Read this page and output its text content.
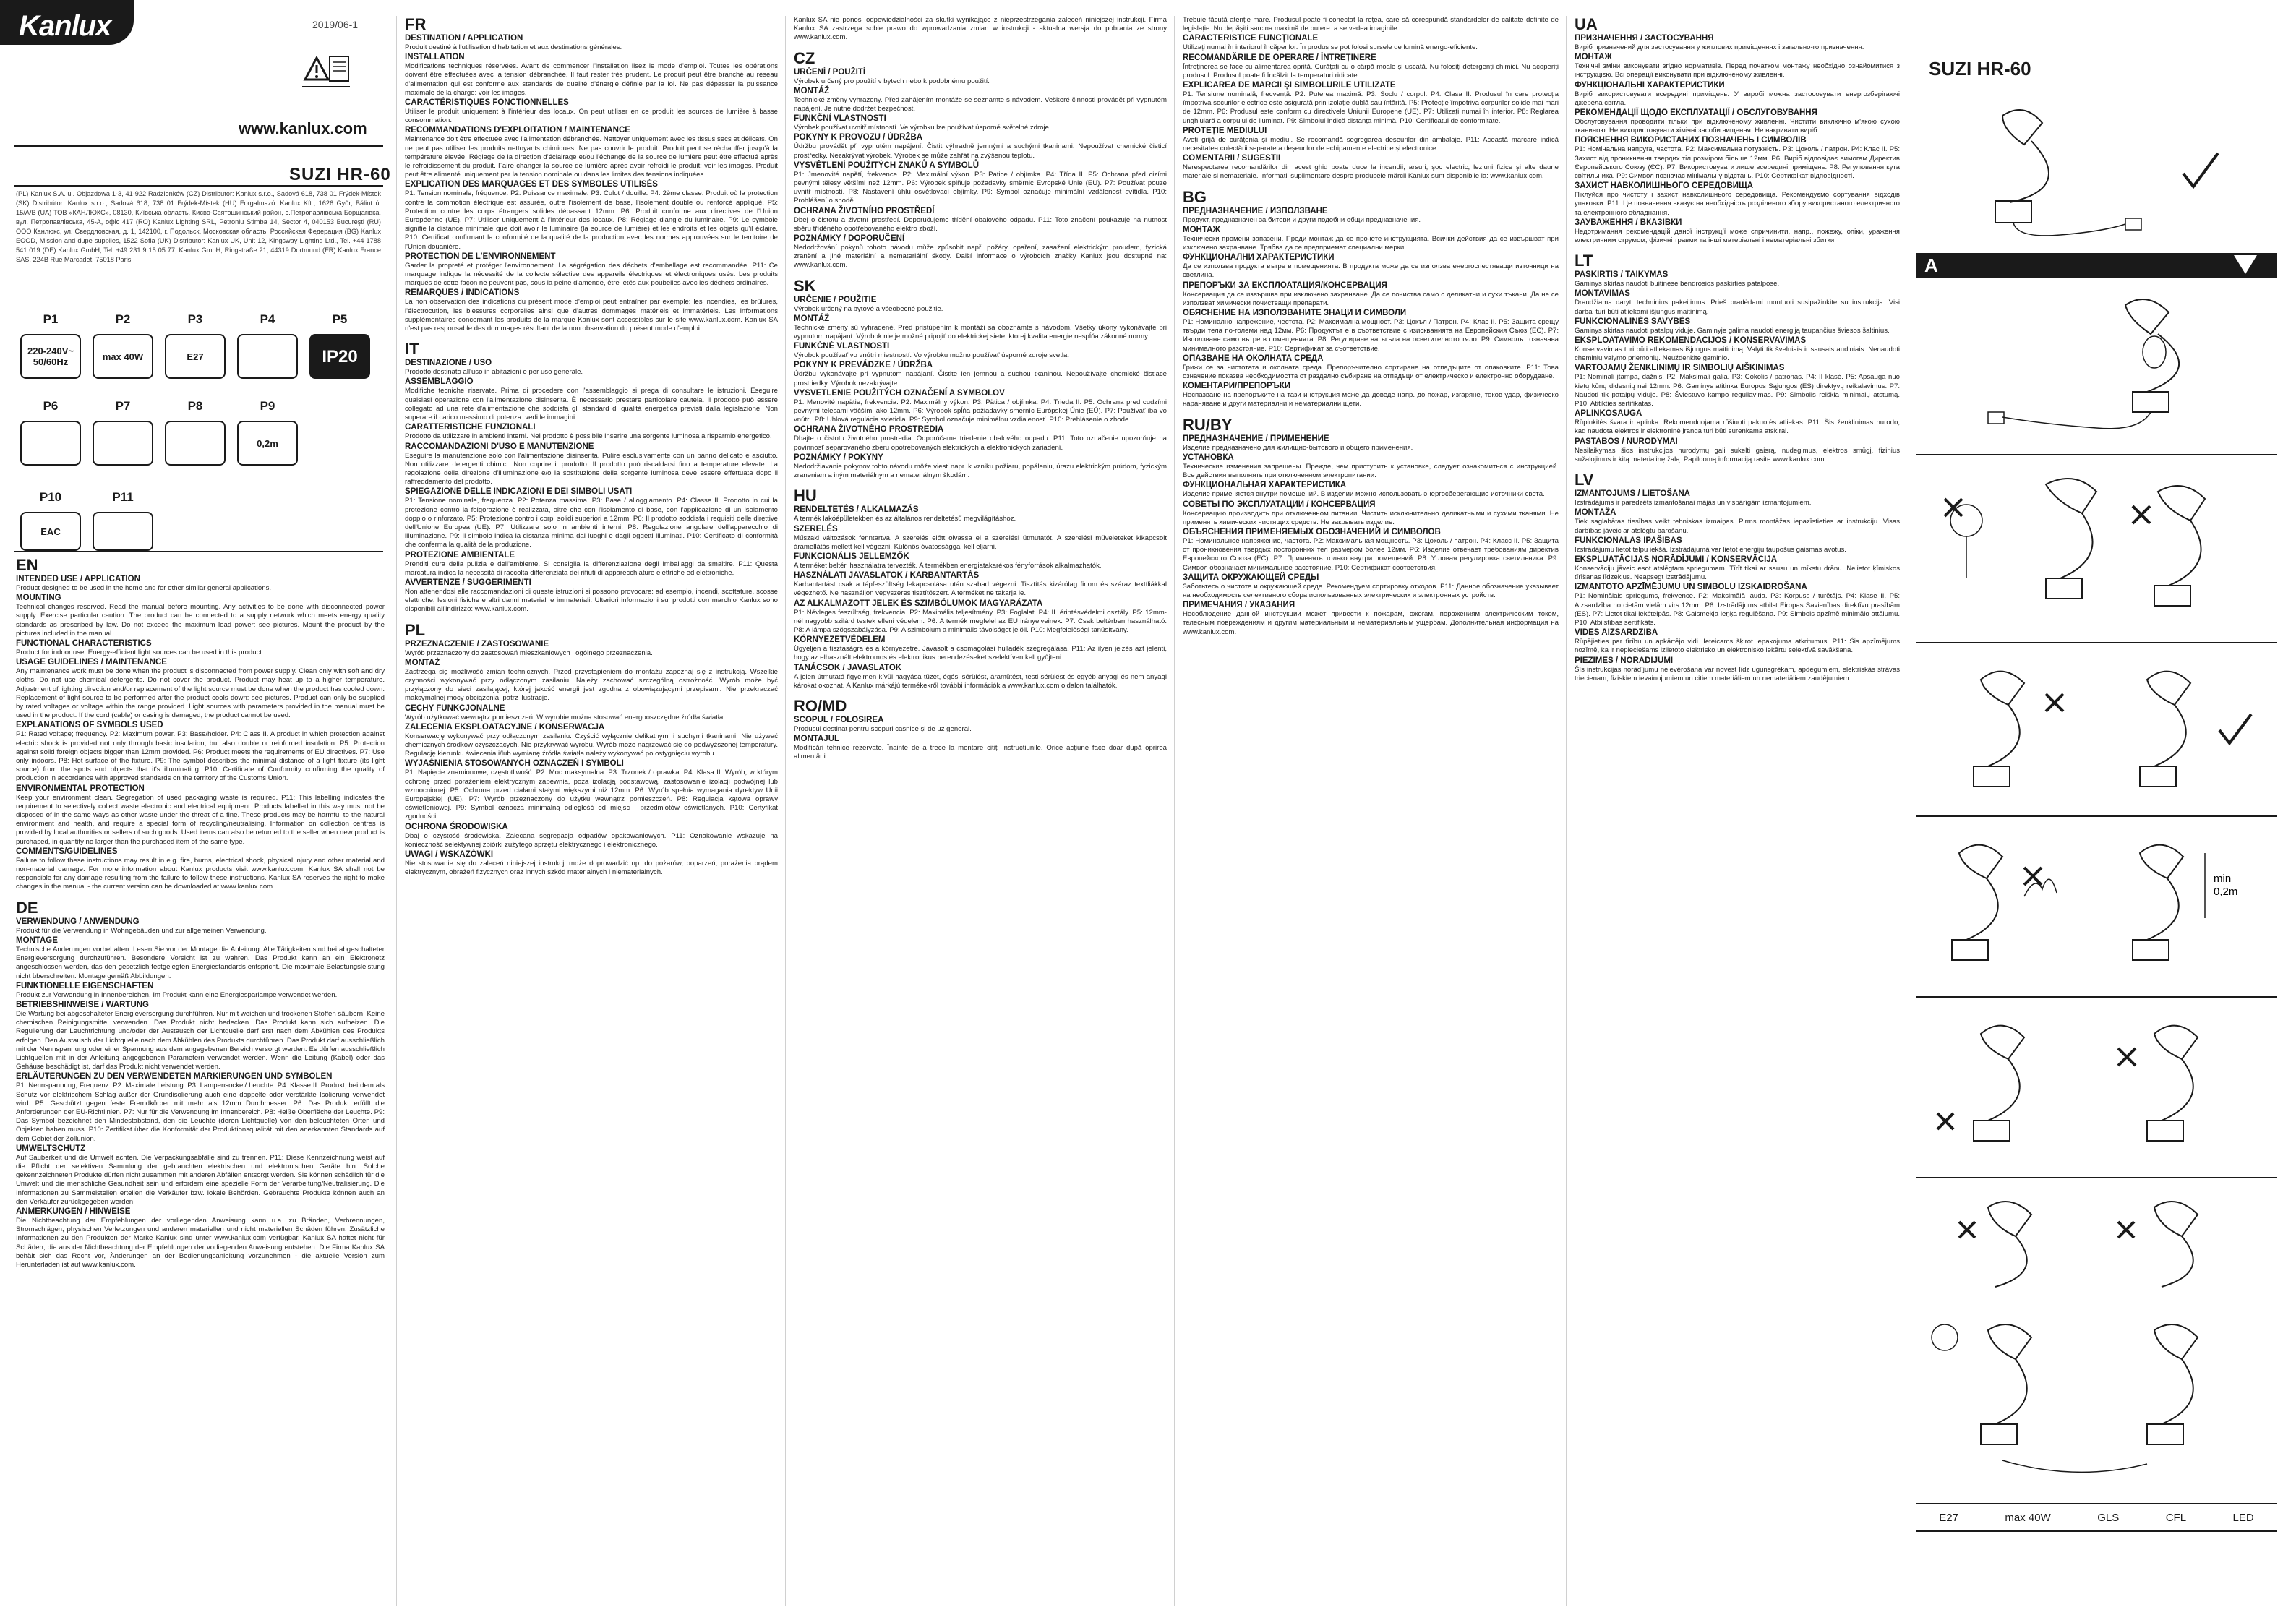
Kanlux	2019/06-1
www.kanlux.com
SUZI HR-60
(PL) Kanlux S.A. ul. Objazdowa 1-3, 41-922 Radzionków (CZ) Distributor: Kanlux s.r.o., Sadová 618, 738 01 Frýdek-Místek (SK) Distribútor: Kanlux s.r.o., Sadová 618, 738 01 Frýdek-Místek (HU) Forgalmazó: Kanlux Kft., 1626 Győr, Bálint út 15/A/B (UA) ТОВ «КАНЛЮКС», 08130, Київська область, Києво-Святошинський район, с.Петропавлівська Борщагівка, вул. Петропавлівська, 45-А, офіс 417 (RO) Kanlux Lighting SRL, Petroniu Stimba 14, Sector 4, 040153 Bucureşti (RU) ООО Канлюкс, ул. Свердловская, д. 1, 142100, г. Подольск, Московская область, Российская Федерация (BG) Kanlux EOOD, Mission and dupe supplies, 1522 Sofia (UK) Distributor: Kanlux UK, Unit 12, Kingsway Lighting Ltd., Tel. +44 1788 541 019 (DE) Kanlux GmbH, Tel. +49 231 9 15 05 77, Kanlux GmbH, Ringstraße 21, 44319 Dortmund (FR) Kanlux France SAS, 224B Rue Marcadet, 75018 Paris
P1
220-240V~
50/60Hz
P2
max 40W
P3
E27
P4	P5
IP20
P6	P7	P8	P9
0,2m
P10
EAC
P11
EN
INTENDED USE / APPLICATION
Product designed to be used in the home and for other similar general applications.
MOUNTING
Technical changes reserved. Read the manual before mounting. Any activities to be done with disconnected power supply. Exercise particular caution. The product can be connected to a supply network which meets energy quality standards as prescribed by law. Do not exceed the maximum load power: see pictures. Mount the product by the pictures included in the manual.
FUNCTIONAL CHARACTERISTICS
Product for indoor use. Energy-efficient light sources can be used in this product.
USAGE GUIDELINES / MAINTENANCE
Any maintenance work must be done when the product is disconnected from power supply. Clean only with soft and dry cloths. Do not use chemical detergents. Do not cover the product. Product may heat up to a higher temperature. Adjustment of lighting direction and/or replacement of the light source must be done when the product has cooled down. Replacement of light source to be performed after the product cools down: see pictures. Product can only be supplied by rated voltages or voltage within the range provided. Light sources with parameters provided in the manual must be used in the product. If the cord (cable) or casing is damaged, the product cannot be used.
EXPLANATIONS OF SYMBOLS USED
P1: Rated voltage; frequency. P2: Maximum power. P3: Base/holder. P4: Class II. A product in which protection against electric shock is provided not only through basic insulation, but also double or reinforced insulation. P5: Protection against solid foreign objects bigger than 12mm provided. P6: Product meets the requirements of EU directives. P7: Use only indoors. P8: Hot surface of the fixture. P9: The symbol describes the minimal distance of a light fixture (its light source) from the spots and objects that it's illuminating. P10: Certificate of Conformity confirming the quality of production in accordance with approved standards on the territory of the Customs Union.
ENVIRONMENTAL PROTECTION
Keep your environment clean. Segregation of used packaging waste is required. P11: This labelling indicates the requirement to selectively collect waste electronic and electrical equipment. Products labelled in this way must not be disposed of in the same ways as other waste under the threat of a fine. These products may be harmful to the natural environment and health, and require a special form of recycling/neutralising. Information on collection centres is provided by local authorities or sellers of such goods. Used items can also be returned to the seller when new product is purchased, in quantity no larger than the purchased item of the same type.
COMMENTS/GUIDELINES
Failure to follow these instructions may result in e.g. fire, burns, electrical shock, physical injury and other material and non-material damage. For more information about Kanlux products visit www.kanlux.com. Kanlux SA shall not be responsible for any damage resulting from the failure to follow these instructions. Kanlux SA reserves the right to make changes in the manual - the current version can be downloaded at www.kanlux.com.
DE
VERWENDUNG / ANWENDUNG
Produkt für die Verwendung in Wohngebäuden und zur allgemeinen Verwendung.
MONTAGE
Technische Änderungen vorbehalten. Lesen Sie vor der Montage die Anleitung. Alle Tätigkeiten sind bei abgeschalteter Energieversorgung durchzuführen. Besondere Vorsicht ist zu wahren. Das Produkt kann an ein Elektronetz angeschlossen werden, das den gesetzlich festgelegten Energiestandards entspricht. Die maximale Belastungsleistung nicht überschreiten. Montage gemäß Abbildungen.
FUNKTIONELLE EIGENSCHAFTEN
Produkt zur Verwendung in Innenbereichen. Im Produkt kann eine Energiesparlampe verwendet werden.
BETRIEBSHINWEISE / WARTUNG
Die Wartung bei abgeschalteter Energieversorgung durchführen. Nur mit weichen und trockenen Stoffen säubern. Keine chemischen Reinigungsmittel verwenden. Das Produkt nicht bedecken. Das Produkt kann sich aufheizen. Die Regulierung der Leuchtrichtung und/oder der Austausch der Lichtquelle darf erst nach dem Abkühlen des Produkts erfolgen. Den Austausch der Lichtquelle nach dem Abkühlen des Produkts durchführen. Das Produkt darf ausschließlich mit der Nennspannung oder einer Spannung aus dem angegebenen Bereich versorgt werden. Es dürfen ausschließlich Lichtquellen mit in der Anleitung angegebenen Parametern verwendet werden. Wenn die Leitung (Kabel) oder das Gehäuse beschädigt ist, darf das Produkt nicht verwendet werden.
ERLÄUTERUNGEN ZU DEN VERWENDETEN MARKIERUNGEN UND SYMBOLEN
P1: Nennspannung, Frequenz. P2: Maximale Leistung. P3: Lampensockel/ Leuchte. P4: Klasse II. Produkt, bei dem als Schutz vor elektrischem Schlag außer der Grundisolierung auch eine doppelte oder verstärkte Isolierung verwendet wird. P5: Geschützt gegen feste Fremdkörper mit mehr als 12mm Durchmesser. P6: Das Produkt erfüllt die Anforderungen der EU-Richtlinien. P7: Nur für die Verwendung im Innenbereich. P8: Heiße Oberfläche der Leuchte. P9: Das Symbol bezeichnet den Mindestabstand, den die Leuchte (deren Lichtquelle) von den beleuchteten Orten und Objekten haben muss. P10: Zertifikat über die Konformität der Produktionsqualität mit den anerkannten Standards auf dem Gebiet der Zollunion.
UMWELTSCHUTZ
Auf Sauberkeit und die Umwelt achten. Die Verpackungsabfälle sind zu trennen. P11: Diese Kennzeichnung weist auf die Pflicht der selektiven Sammlung der gebrauchten elektrischen und elektronischen Geräte hin. Solche gekennzeichneten Produkte dürfen nicht zusammen mit anderen Abfällen entsorgt werden. Sie können schädlich für die Umwelt und die menschliche Gesundheit sein und erfordern eine spezielle Form der Verarbeitung/Neutralisierung. Die Informationen zu Sammelstellen erteilen die Verkäufer bzw. lokale Behörden. Gebrauchte Produkte können auch an den Verkäufer zurückgegeben werden.
ANMERKUNGEN / HINWEISE
Die Nichtbeachtung der Empfehlungen der vorliegenden Anweisung kann u.a. zu Bränden, Verbrennungen, Stromschlägen, physischen Verletzungen und anderen materiellen und nicht materiellen Schäden führen. Zusätzliche Informationen zu den Produkten der Marke Kanlux sind unter www.kanlux.com verfügbar. Kanlux SA haftet nicht für Schäden, die aus der Nichtbeachtung der Empfehlungen der vorliegenden Anweisung entstehen. Die Firma Kanlux SA behält sich das Recht vor, Änderungen an der Bedienungsanleitung vorzunehmen - die aktuelle Version zum Herunterladen ist auf www.kanlux.com.
FR
DESTINATION / APPLICATION
Produit destiné à l'utilisation d'habitation et aux destinations générales.
INSTALLATION
Modifications techniques réservées. Avant de commencer l'installation lisez le mode d'emploi. Toutes les opérations doivent être effectuées avec la tension débranchée. Il faut rester très prudent. Le produit peut être branché au réseau d'alimentation qui est conforme aux standards de qualité d'énergie définie par la loi. Ne pas dépasser la puissance maximale de la charge: voir les images.
CARACTÉRISTIQUES FONCTIONNELLES
Utiliser le produit uniquement à l'intérieur des locaux. On peut utiliser en ce produit les sources de lumière à basse consommation.
RECOMMANDATIONS D'EXPLOITATION / MAINTENANCE
Maintenance doit être effectuée avec l'alimentation débranchée. Nettoyer uniquement avec les tissus secs et délicats. On ne peut pas utiliser les produits nettoyants chimiques. Ne pas couvrir le produit. Produit peut se réchauffer jusqu'à la température élevée. Réglage de la direction d'éclairage et/ou l'échange de la source de lumière peut être effectué après le refroidissement du produit. Faire changer la source de lumière après avoir refroidi le produit: voir les images. Produit peut être alimenté uniquement par la tension nominale ou dans les limites des tensions indiquées.
EXPLICATION DES MARQUAGES ET DES SYMBOLES UTILISÉS
P1: Tension nominale, fréquence. P2: Puissance maximale. P3: Culot / douille. P4: 2ème classe. Produit où la protection contre la commotion électrique est assurée, outre l'isolement de base, l'isolement double ou renforcé appliqué. P5: Protection contre les corps étrangers solides dépassant 12mm. P6: Produit conforme aux directives de l'Union Européenne (UE). P7: Utiliser uniquement à l'intérieur des locaux. P8: Réglage d'angle du luminaire. P9: Le symbole signifie la distance minimale que doit avoir le luminaire (la source de lumière) et les endroits et les objets qu'il éclaire. P10: Certificat confirmant la conformité de la qualité de la production avec les normes approuvées sur le territoire de l'Union douanière.
PROTECTION DE L'ENVIRONNEMENT
Garder la propreté et protéger l'environnement. La ségrégation des déchets d'emballage est recommandée. P11: Ce marquage indique la nécessité de la collecte sélective des appareils électriques et électroniques usés. Les produits marqués de cette façon ne peuvent pas, sous la peine d'amende, être jetés aux poubelles avec les déchets ordinaires.
REMARQUES / INDICATIONS
La non observation des indications du présent mode d'emploi peut entraîner par exemple: les incendies, les brûlures, l'électrocution, les blessures corporelles ainsi que d'autres dommages matériels et immatériels. Les informations supplémentaires concernant les produits de la marque Kanlux sont accessibles sur le site www.kanlux.com. Kanlux SA n'est pas responsable des dommages résultant de la non observation du présent mode d'emploi.
IT
DESTINAZIONE / USO
Prodotto destinato all'uso in abitazioni e per uso generale.
ASSEMBLAGGIO
Modifiche tecniche riservate. Prima di procedere con l'assemblaggio si prega di consultare le istruzioni. Eseguire qualsiasi operazione con l'alimentazione disinserita. È necessario prestare particolare cautela. Il prodotto può essere collegato ad una rete d'alimentazione che soddisfa gli standard di qualità energetica previsti dalla legislazione. Non superare il carico massimo di potenza: vedi le immagini.
CARATTERISTICHE FUNZIONALI
Prodotto da utilizzare in ambienti interni. Nel prodotto è possibile inserire una sorgente luminosa a risparmio energetico.
RACCOMANDAZIONI D'USO E MANUTENZIONE
Eseguire la manutenzione solo con l'alimentazione disinserita. Pulire esclusivamente con un panno delicato e asciutto. Non utilizzare detergenti chimici. Non coprire il prodotto. Il prodotto può riscaldarsi fino a temperature elevate. La regolazione della direzione d'illuminazione e/o la sostituzione della sorgente luminosa deve essere effettuata dopo il raffreddamento del prodotto.
SPIEGAZIONE DELLE INDICAZIONI E DEI SIMBOLI USATI
P1: Tensione nominale, frequenza. P2: Potenza massima. P3: Base / alloggiamento. P4: Classe II. Prodotto in cui la protezione contro la folgorazione è realizzata, oltre che con l'isolamento di base, con l'applicazione di un isolamento doppio o rinforzato. P5: Protezione contro i corpi solidi superiori a 12mm. P6: Il prodotto soddisfa i requisiti delle direttive dell'Unione Europea (UE). P7: Utilizzare solo in ambienti interni. P8: Regolazione angolare dell'apparecchio di illuminazione. P9: Il simbolo indica la distanza minima dai luoghi e dagli oggetti illuminati. P10: Certificato di conformità che conferma la qualità della produzione.
PROTEZIONE AMBIENTALE
Prenditi cura della pulizia e dell'ambiente. Si consiglia la differenziazione degli imballaggi da smaltire. P11: Questa marcatura indica la necessità di raccolta differenziata dei rifiuti di apparecchiature elettriche ed elettroniche.
AVVERTENZE / SUGGERIMENTI
Non attenendosi alle raccomandazioni di queste istruzioni si possono provocare: ad esempio, incendi, scottature, scosse elettriche, lesioni fisiche e altri danni materiali e immateriali. Ulteriori informazioni sui prodotti con marchio Kanlux sono disponibili all'indirizzo: www.kanlux.com.
PL
PRZEZNACZENIE / ZASTOSOWANIE
Wyrób przeznaczony do zastosowań mieszkaniowych i ogólnego przeznaczenia.
MONTAŻ
Zastrzega się możliwość zmian technicznych. Przed przystąpieniem do montażu zapoznaj się z instrukcją. Wszelkie czynności wykonywać przy odłączonym zasilaniu. Należy zachować szczególną ostrożność. Wyrób może być przyłączony do sieci zasilającej, której jakość energii jest zgodna z obowiązującymi przepisami. Nie przekraczać maksymalnej mocy obciążenia: patrz ilustracje.
CECHY FUNKCJONALNE
Wyrób użytkować wewnątrz pomieszczeń. W wyrobie można stosować energooszczędne źródła światła.
ZALECENIA EKSPLOATACYJNE / KONSERWACJA
Konserwację wykonywać przy odłączonym zasilaniu. Czyścić wyłącznie delikatnymi i suchymi tkaninami. Nie używać chemicznych środków czyszczących. Nie przykrywać wyrobu. Wyrób może nagrzewać się do podwyższonej temperatury. Regulację kierunku świecenia i/lub wymianę źródła światła należy wykonywać po ostygnięciu wyrobu.
WYJAŚNIENIA STOSOWANYCH OZNACZEŃ I SYMBOLI
P1: Napięcie znamionowe, częstotliwość. P2: Moc maksymalna. P3: Trzonek / oprawka. P4: Klasa II. Wyrób, w którym ochronę przed porażeniem elektrycznym zapewnia, poza izolacją podstawową, zastosowanie izolacji podwójnej lub wzmocnionej. P5: Ochrona przed ciałami stałymi większymi niż 12mm. P6: Wyrób spełnia wymagania dyrektyw Unii Europejskiej (UE). P7: Wyrób przeznaczony do użytku wewnątrz pomieszczeń. P8: Regulacja kątowa oprawy oświetleniowej. P9: Symbol oznacza minimalną odległość od miejsc i przedmiotów oświetlanych. P10: Certyfikat zgodności.
OCHRONA ŚRODOWISKA
Dbaj o czystość środowiska. Zalecana segregacja odpadów opakowaniowych. P11: Oznakowanie wskazuje na konieczność selektywnej zbiórki zużytego sprzętu elektrycznego i elektronicznego.
UWAGI / WSKAZÓWKI
Nie stosowanie się do zaleceń niniejszej instrukcji może doprowadzić np. do pożarów, poparzeń, porażenia prądem elektrycznym, obrażeń fizycznych oraz innych szkód materialnych i niematerialnych.
Kanlux SA nie ponosi odpowiedzialności za skutki wynikające z nieprzestrzegania zaleceń niniejszej instrukcji. Firma Kanlux SA zastrzega sobie prawo do wprowadzania zmian w instrukcji - aktualna wersja do pobrania ze strony www.kanlux.com.
CZ
URČENÍ / POUŽITÍ
Výrobek určený pro použití v bytech nebo k podobnému použití.
MONTÁŽ
Technické změny vyhrazeny. Před zahájením montáže se seznamte s návodem. Veškeré činnosti provádět při vypnutém napájení. Je nutné dodržet bezpečnost.
FUNKČNÍ VLASTNOSTI
Výrobek používat uvnitř místností. Ve výrobku lze používat úsporné světelné zdroje.
POKYNY K PROVOZU / ÚDRŽBA
Údržbu provádět při vypnutém napájení. Čistit výhradně jemnými a suchými tkaninami. Nepoužívat chemické čisticí prostředky. Nezakrývat výrobek. Výrobek se může zahřát na zvýšenou teplotu.
VYSVĚTLENÍ POUŽITÝCH ZNAKŮ A SYMBOLŮ
P1: Jmenovité napětí, frekvence. P2: Maximální výkon. P3: Patice / objímka. P4: Třída II. P5: Ochrana před cizími pevnými tělesy většími než 12mm. P6: Výrobek splňuje požadavky směrnic Evropské Unie (EU). P7: Používat pouze uvnitř místností. P8: Nastavení úhlu osvětlovací objímky. P9: Symbol označuje minimální vzdálenost svítidla. P10: Prohlášení o shodě.
OCHRANA ŽIVOTNÍHO PROSTŘEDÍ
Dbej o čistotu a životní prostředí. Doporučujeme třídění obalového odpadu. P11: Toto značení poukazuje na nutnost sběru tříděného opotřebovaného elektro zboží.
POZNÁMKY / DOPORUČENÍ
Nedodržování pokynů tohoto návodu může způsobit např. požáry, opaření, zasažení elektrickým proudem, fyzická zranění a jiné materiální a nemateriální škody. Další informace o výrobcích značky Kanlux jsou dostupné na: www.kanlux.com.
SK
URČENIE / POUŽITIE
Výrobok určený na bytové a všeobecné použitie.
MONTÁŽ
Technické zmeny sú vyhradené. Pred pristúpením k montáži sa oboznámte s návodom. Všetky úkony vykonávajte pri vypnutom napájaní. Výrobok nie je možné pripojiť do elektrickej siete, ktorej kvalita energie nespĺňa zákonné normy.
FUNKČNÉ VLASTNOSTI
Výrobok používať vo vnútri miestností. Vo výrobku možno používať úsporné zdroje svetla.
POKYNY K PREVÁDZKE / ÚDRŽBA
Údržbu vykonávajte pri vypnutom napájaní. Čistite len jemnou a suchou tkaninou. Nepoužívajte chemické čistiace prostriedky. Výrobok nezakrývajte.
VYSVETLENIE POUŽITÝCH OZNAČENÍ A SYMBOLOV
P1: Menovité napätie, frekvencia. P2: Maximálny výkon. P3: Pätica / objímka. P4: Trieda II. P5: Ochrana pred cudzími pevnými telesami väčšími ako 12mm. P6: Výrobok spĺňa požiadavky smerníc Európskej Únie (EÚ). P7: Používať iba vo vnútri. P8: Uhlová regulácia svietidla. P9: Symbol označuje minimálnu vzdialenosť. P10: Prehlásenie o zhode.
OCHRANA ŽIVOTNÉHO PROSTREDIA
Dbajte o čistotu životného prostredia. Odporúčame triedenie obalového odpadu. P11: Toto označenie upozorňuje na povinnosť separovaného zberu opotrebovaných elektrických a elektronických zariadení.
POZNÁMKY / POKYNY
Nedodržiavanie pokynov tohto návodu môže viesť napr. k vzniku požiaru, popáleniu, úrazu elektrickým prúdom, fyzickým zraneniam a iným materiálnym a nemateriálnym škodám.
HU
RENDELTETÉS / ALKALMAZÁS
A termék lakóépületekben és az általános rendeltetésű megvilágításhoz.
SZERELÉS
Műszaki változások fenntartva. A szerelés előtt olvassa el a szerelési útmutatót. A szerelési műveleteket kikapcsolt áramellátás mellett kell végezni. Különös óvatossággal kell eljárni.
FUNKCIONÁLIS JELLEMZŐK
A terméket beltéri használatra tervezték. A termékben energiatakarékos fényforrások alkalmazhatók.
HASZNÁLATI JAVASLATOK / KARBANTARTÁS
Karbantartást csak a tápfeszültség lekapcsolása után szabad végezni. Tisztítás kizárólag finom és száraz textíliákkal végezhető. Ne használjon vegyszeres tisztítószert. A terméket ne takarja le.
AZ ALKALMAZOTT JELEK ÉS SZIMBÓLUMOK MAGYARÁZATA
P1: Névleges feszültség, frekvencia. P2: Maximális teljesítmény. P3: Foglalat. P4: II. érintésvédelmi osztály. P5: 12mm-nél nagyobb szilárd testek elleni védelem. P6: A termék megfelel az EU irányelveinek. P7: Csak beltérben használható. P8: A lámpa szögszabályzása. P9: A szimbólum a minimális távolságot jelöli. P10: Megfelelőségi tanúsítvány.
KÖRNYEZETVÉDELEM
Ügyeljen a tisztaságra és a környezetre. Javasolt a csomagolási hulladék szegregálása. P11: Az ilyen jelzés azt jelenti, hogy az elhasznált elektromos és elektronikus berendezéseket szelektíven kell gyűjteni.
TANÁCSOK / JAVASLATOK
A jelen útmutató figyelmen kívül hagyása tüzet, égési sérülést, áramütést, testi sérülést és egyéb anyagi és nem anyagi károkat okozhat. A Kanlux márkájú termékekről további információk a www.kanlux.com oldalon találhatók.
RO/MD
SCOPUL / FOLOSIREA
Produsul destinat pentru scopuri casnice și de uz general.
MONTAJUL
Modificări tehnice rezervate. Înainte de a trece la montare citiți instrucțiunile. Orice acțiune face doar după oprirea alimentării.
Trebuie făcută atenție mare. Produsul poate fi conectat la rețea, care să corespundă standardelor de calitate definite de legislație. Nu depășiți sarcina maximă de putere: a se vedea imaginile.
CARACTERISTICE FUNCȚIONALE
Utilizați numai în interiorul încăperilor. În produs se pot folosi sursele de lumină energo-eficiente.
RECOMANDĂRILE DE OPERARE / ÎNTREȚINERE
Întreținerea se face cu alimentarea oprită. Curățați cu o cârpă moale și uscată. Nu folosiți detergenți chimici. Nu acoperiți produsul. Produsul poate fi încălzit la temperaturi ridicate.
EXPLICAREA DE MARCII ȘI SIMBOLURILE UTILIZATE
P1: Tensiune nominală, frecvență. P2: Puterea maximă. P3: Soclu / corpul. P4: Clasa II. Produsul în care protecția împotriva șocurilor electrice este asigurată prin izolație dublă sau întărită. P5: Protecție împotriva corpurilor solide mai mari de 12mm. P6: Produsul este conform cu directivele Uniunii Europene (UE). P7: Utilizați numai în interior. P8: Reglarea unghiulară a corpului de iluminat. P9: Simbolul indică distanța minimă. P10: Certificatul de conformitate.
PROTEȚIE MEDIULUI
Aveți grijă de curățenia și mediul. Se recomandă segregarea deșeurilor din ambalaje. P11: Această marcare indică necesitatea colectării separate a deșeurilor de echipamente electrice și electronice.
COMENTARII / SUGESTII
Nerespectarea recomandărilor din acest ghid poate duce la incendii, arsuri, șoc electric, leziuni fizice și alte daune materiale și nemateriale. Informații suplimentare despre produsele mărcii Kanlux sunt disponibile la: www.kanlux.com.
BG
ПРЕДНАЗНАЧЕНИЕ / ИЗПОЛЗВАНЕ
Продукт, предназначен за битови и други подобни общи предназначения.
МОНТАЖ
Технически промени запазени. Преди монтаж да се прочете инструкцията. Всички действия да се извършват при изключено захранване. Трябва да се предприемат специални мерки.
ФУНКЦИОНАЛНИ ХАРАКТЕРИСТИКИ
Да се използва продукта вътре в помещенията. В продукта може да се използва енергоспестяващи източници на светлина.
ПРЕПОРЪКИ ЗА ЕКСПЛОАТАЦИЯ/КОНСЕРВАЦИЯ
Консервация да се извършва при изключено захранване. Да се почиства само с деликатни и сухи тъкани. Да не се използват химически почистващи препарати.
ОБЯСНЕНИЕ НА ИЗПОЛЗВАНИТЕ ЗНАЦИ И СИМВОЛИ
P1: Номинално напрежение, честота. P2: Максимална мощност. P3: Цокъл / Патрон. P4: Клас II. P5: Защита срещу твърди тела по-големи над 12мм. P6: Продуктът е в съответствие с изискванията на Европейския Съюз (ЕС). P7: Използване само вътре в помещенията. P8: Регулиране на ъгъла на осветителното тяло. P9: Символът означава минималното разстояние. P10: Сертификат за съответствие.
ОПАЗВАНЕ НА ОКОЛНАТА СРЕДА
Грижи се за чистотата и околната среда. Препоръчително сортиране на отпадъците от опаковките. P11: Това означение показва необходимостта от разделно събиране на отпадъци от електрическо и електронно оборудване.
КОМЕНТАРИ/ПРЕПОРЪКИ
Неспазване на препоръките на тази инструкция може да доведе напр. до пожар, изгаряне, токов удар, физическо нараняване и други материални и нематериални щети.
RU/BY
ПРЕДНАЗНАЧЕНИЕ / ПРИМЕНЕНИЕ
Изделие предназначено для жилищно-бытового и общего применения.
УСТАНОВКА
Технические изменения запрещены. Прежде, чем приступить к установке, следует ознакомиться с инструкцией. Все действия выполнять при отключенном электропитании.
ФУНКЦИОНАЛЬНАЯ ХАРАКТЕРИСТИКА
Изделие применяется внутри помещений. В изделии можно использовать энергосберегающие источники света.
СОВЕТЫ ПО ЭКСПЛУАТАЦИИ / КОНСЕРВАЦИЯ
Консервацию производить при отключенном питании. Чистить исключительно деликатными и сухими тканями. Не применять химических чистящих средств. Не закрывать изделие.
ОБЪЯСНЕНИЯ ПРИМЕНЯЕМЫХ ОБОЗНАЧЕНИЙ И СИМВОЛОВ
P1: Номинальное напряжение, частота. P2: Максимальная мощность. P3: Цоколь / патрон. P4: Класс II. P5: Защита от проникновения твердых посторонних тел размером более 12мм. P6: Изделие отвечает требованиям директив Европейского Союза (ЕС). P7: Применять только внутри помещений. P8: Угловая регулировка светильника. P9: Символ обозначает минимальное расстояние. P10: Сертификат соответствия.
ЗАЩИТА ОКРУЖАЮЩЕЙ СРЕДЫ
Заботьтесь о чистоте и окружающей среде. Рекомендуем сортировку отходов. P11: Данное обозначение указывает на необходимость селективного сбора использованных электрических и электронных устройств.
ПРИМЕЧАНИЯ / УКАЗАНИЯ
Несоблюдение данной инструкции может привести к пожарам, ожогам, поражениям электрическим током, телесным повреждениям и другим материальным и нематериальным ущербам. Дополнительная информация на www.kanlux.com.
UA
ПРИЗНАЧЕННЯ / ЗАСТОСУВАННЯ
Виріб призначений для застосування у житлових приміщеннях і загально-го призначення.
МОНТАЖ
Технічні зміни виконувати згідно нормативів. Перед початком монтажу необхідно ознайомитися з інструкцією. Всі операції виконувати при відключеному живленні.
ФУНКЦІОНАЛЬНІ ХАРАКТЕРИСТИКИ
Виріб використовувати всередині приміщень. У виробі можна застосовувати енергозберігаючі джерела світла.
РЕКОМЕНДАЦІЇ ЩОДО ЕКСПЛУАТАЦІЇ / ОБСЛУГОВУВАННЯ
Обслуговування проводити тільки при відключеному живленні. Чистити виключно м'якою сухою тканиною. Не використовувати хімічні засоби чищення. Не накривати виріб.
ПОЯСНЕННЯ ВИКОРИСТАНИХ ПОЗНАЧЕНЬ І СИМВОЛІВ
P1: Номінальна напруга, частота. P2: Максимальна потужність. P3: Цоколь / патрон. P4: Клас II. P5: Захист від проникнення твердих тіл розміром більше 12мм. P6: Виріб відповідає вимогам Директив Європейського Союзу (ЄС). P7: Використовувати лише всередині приміщень. P8: Регулювання кута світильника. P9: Символ позначає мінімальну відстань. P10: Сертифікат відповідності.
ЗАХИСТ НАВКОЛИШНЬОГО СЕРЕДОВИЩА
Піклуйся про чистоту і захист навколишнього середовища. Рекомендуємо сортування відходів упаковки. P11: Це позначення вказує на необхідність розділеного збору використаного електричного та електронного обладнання.
ЗАУВАЖЕННЯ / ВКАЗІВКИ
Недотримання рекомендацій даної інструкції може спричинити, напр., пожежу, опіки, ураження електричним струмом, фізичні травми та інші матеріальні і нематеріальні збитки.
LT
PASKIRTIS / TAIKYMAS
Gaminys skirtas naudoti buitinėse bendrosios paskirties patalpose.
MONTAVIMAS
Draudžiama daryti techninius pakeitimus. Prieš pradėdami montuoti susipažinkite su instrukcija. Visi darbai turi būti atliekami išjungus maitinimą.
FUNKCIONALINĖS SAVYBĖS
Gaminys skirtas naudoti patalpų viduje. Gaminyje galima naudoti energiją taupančius šviesos šaltinius.
EKSPLOATAVIMO REKOMENDACIJOS / KONSERVAVIMAS
Konservavimas turi būti atliekamas išjungus maitinimą. Valyti tik švelniais ir sausais audiniais. Nenaudoti cheminių valymo priemonių. Neuždenkite gaminio.
VARTOJAMŲ ŽENKLINIMŲ IR SIMBOLIŲ AIŠKINIMAS
P1: Nominali įtampa, dažnis. P2: Maksimali galia. P3: Cokolis / patronas. P4: II klasė. P5: Apsauga nuo kietų kūnų didesnių nei 12mm. P6: Gaminys atitinka Europos Sąjungos (ES) direktyvų reikalavimus. P7: Naudoti tik patalpų viduje. P8: Šviestuvo kampo reguliavimas. P9: Simbolis reiškia minimalų atstumą. P10: Atitikties sertifikatas.
APLINKOSAUGA
Rūpinkitės švara ir aplinka. Rekomenduojama rūšiuoti pakuotės atliekas. P11: Šis ženklinimas nurodo, kad naudota elektros ir elektroninė įranga turi būti surenkama atskirai.
PASTABOS / NURODYMAI
Nesilaikymas šios instrukcijos nurodymų gali sukelti gaisrą, nudegimus, elektros smūgį, fizinius sužalojimus ir kitą materialinę žalą. Papildomą informaciją rasite www.kanlux.com.
LV
IZMANTOJUMS / LIETOŠANA
Izstrādājums ir paredzēts izmantošanai mājās un vispārīgām izmantojumiem.
MONTĀŽA
Tiek saglabātas tiesības veikt tehniskas izmaiņas. Pirms montāžas iepazīstieties ar instrukciju. Visas darbības jāveic ar atslēgtu barošanu.
FUNKCIONĀLĀS ĪPAŠĪBAS
Izstrādājumu lietot telpu iekšā. Izstrādājumā var lietot enerģiju taupošus gaismas avotus.
EKSPLUATĀCIJAS NORĀDĪJUMI / KONSERVĀCIJA
Konservāciju jāveic esot atslēgtam spriegumam. Tīrīt tikai ar sausu un mīkstu drānu. Nelietot ķīmiskos tīrīšanas līdzekļus. Neapsegt izstrādājumu.
IZMANTOTO APZĪMĒJUMU UN SIMBOLU IZSKAIDROŠANA
P1: Nominālais spriegums, frekvence. P2: Maksimālā jauda. P3: Korpuss / turētājs. P4: Klase II. P5: Aizsardzība no cietām vielām virs 12mm. P6: Izstrādājums atbilst Eiropas Savienības direktīvu prasībām (ES). P7: Lietot tikai iekštelpās. P8: Gaismekļa leņķa regulēšana. P9: Simbols apzīmē minimālo attālumu. P10: Atbilstības sertifikāts.
VIDES AIZSARDZĪBA
Rūpējieties par tīrību un apkārtējo vidi. Ieteicams šķirot iepakojuma atkritumus. P11: Šis apzīmējums nozīmē, ka ir nepieciešams izlietoto elektrisko un elektronisko iekārtu selektīvā savākšana.
PIEZĪMES / NORĀDĪJUMI
Šīs instrukcijas norādījumu neievērošana var novest līdz ugunsgrēkam, apdegumiem, elektriskās strāvas triecienam, fiziskiem ievainojumiem un citiem materiāliem un nemateriāliem zaudējumiem.
SUZI HR-60
A
min
0,2m
E27	max 40W	GLS	CFL	LED
